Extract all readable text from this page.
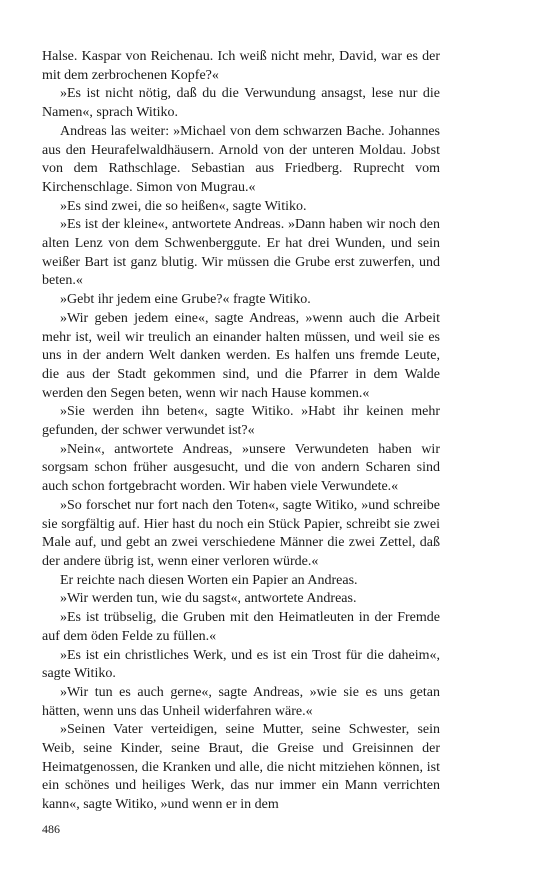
Halse. Kaspar von Reichenau. Ich weiß nicht mehr, David, war es der mit dem zerbrochenen Kopfe?«

»Es ist nicht nötig, daß du die Verwundung ansagst, lese nur die Namen«, sprach Witiko.

Andreas las weiter: »Michael von dem schwarzen Bache. Johannes aus den Heurafelwaldhäusern. Arnold von der unteren Moldau. Jobst von dem Rathschlage. Sebastian aus Friedberg. Ruprecht vom Kirchenschlage. Simon von Mugrau.«

»Es sind zwei, die so heißen«, sagte Witiko.

»Es ist der kleine«, antwortete Andreas. »Dann haben wir noch den alten Lenz von dem Schwenberggute. Er hat drei Wunden, und sein weißer Bart ist ganz blutig. Wir müssen die Grube erst zuwerfen, und beten.«

»Gebt ihr jedem eine Grube?« fragte Witiko.

»Wir geben jedem eine«, sagte Andreas, »wenn auch die Arbeit mehr ist, weil wir treulich an einander halten müssen, und weil sie es uns in der andern Welt danken werden. Es halfen uns fremde Leute, die aus der Stadt gekommen sind, und die Pfarrer in dem Walde werden den Segen beten, wenn wir nach Hause kommen.«

»Sie werden ihn beten«, sagte Witiko. »Habt ihr keinen mehr gefunden, der schwer verwundet ist?«

»Nein«, antwortete Andreas, »unsere Verwundeten haben wir sorgsam schon früher ausgesucht, und die von andern Scharen sind auch schon fortgebracht worden. Wir haben viele Verwundete.«

»So forschet nur fort nach den Toten«, sagte Witiko, »und schreibe sie sorgfältig auf. Hier hast du noch ein Stück Papier, schreibt sie zwei Male auf, und gebt an zwei verschiedene Männer die zwei Zettel, daß der andere übrig ist, wenn einer verloren würde.«

Er reichte nach diesen Worten ein Papier an Andreas.

»Wir werden tun, wie du sagst«, antwortete Andreas.

»Es ist trübselig, die Gruben mit den Heimatleuten in der Fremde auf dem öden Felde zu füllen.«

»Es ist ein christliches Werk, und es ist ein Trost für die daheim«, sagte Witiko.

»Wir tun es auch gerne«, sagte Andreas, »wie sie es uns getan hätten, wenn uns das Unheil widerfahren wäre.«

»Seinen Vater verteidigen, seine Mutter, seine Schwester, sein Weib, seine Kinder, seine Braut, die Greise und Greisinnen der Heimatgenossen, die Kranken und alle, die nicht mitziehen können, ist ein schönes und heiliges Werk, das nur immer ein Mann verrichten kann«, sagte Witiko, »und wenn er in dem

486
